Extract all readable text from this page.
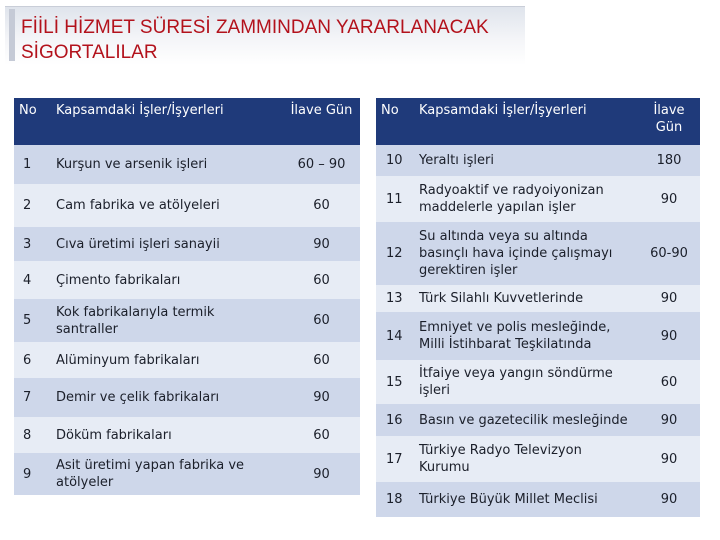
FİİLİ HİZMET SÜRESİ ZAMMINDAN YARARLANACAK SİGORTALILAR
No	Kapsamdaki İşler/İşyerleri	İlave Gün
1	Kurşun ve arsenik işleri	60 – 90
2	Cam fabrika ve atölyeleri	60
3	Cıva üretimi işleri sanayii	90
4	Çimento fabrikaları	60
5	Kok fabrikalarıyla termik santraller	60
6	Alüminyum fabrikaları	60
7	Demir ve çelik fabrikaları	90
8	Döküm fabrikaları	60
9	Asit üretimi yapan fabrika ve atölyeler	90
No	Kapsamdaki İşler/İşyerleri	İlave Gün
10	Yeraltı işleri	180
11	Radyoaktif ve radyoiyonizan maddelerle yapılan işler	90
12	Su altında veya su altında basınçlı hava içinde çalışmayı gerektiren işler	60-90
13	Türk Silahlı Kuvvetlerinde	90
14	Emniyet ve polis mesleğinde, Milli İstihbarat Teşkilatında	90
15	İtfaiye veya yangın söndürme işleri	60
16	Basın ve gazetecilik mesleğinde	90
17	Türkiye Radyo Televizyon Kurumu	90
18	Türkiye Büyük Millet Meclisi	90
